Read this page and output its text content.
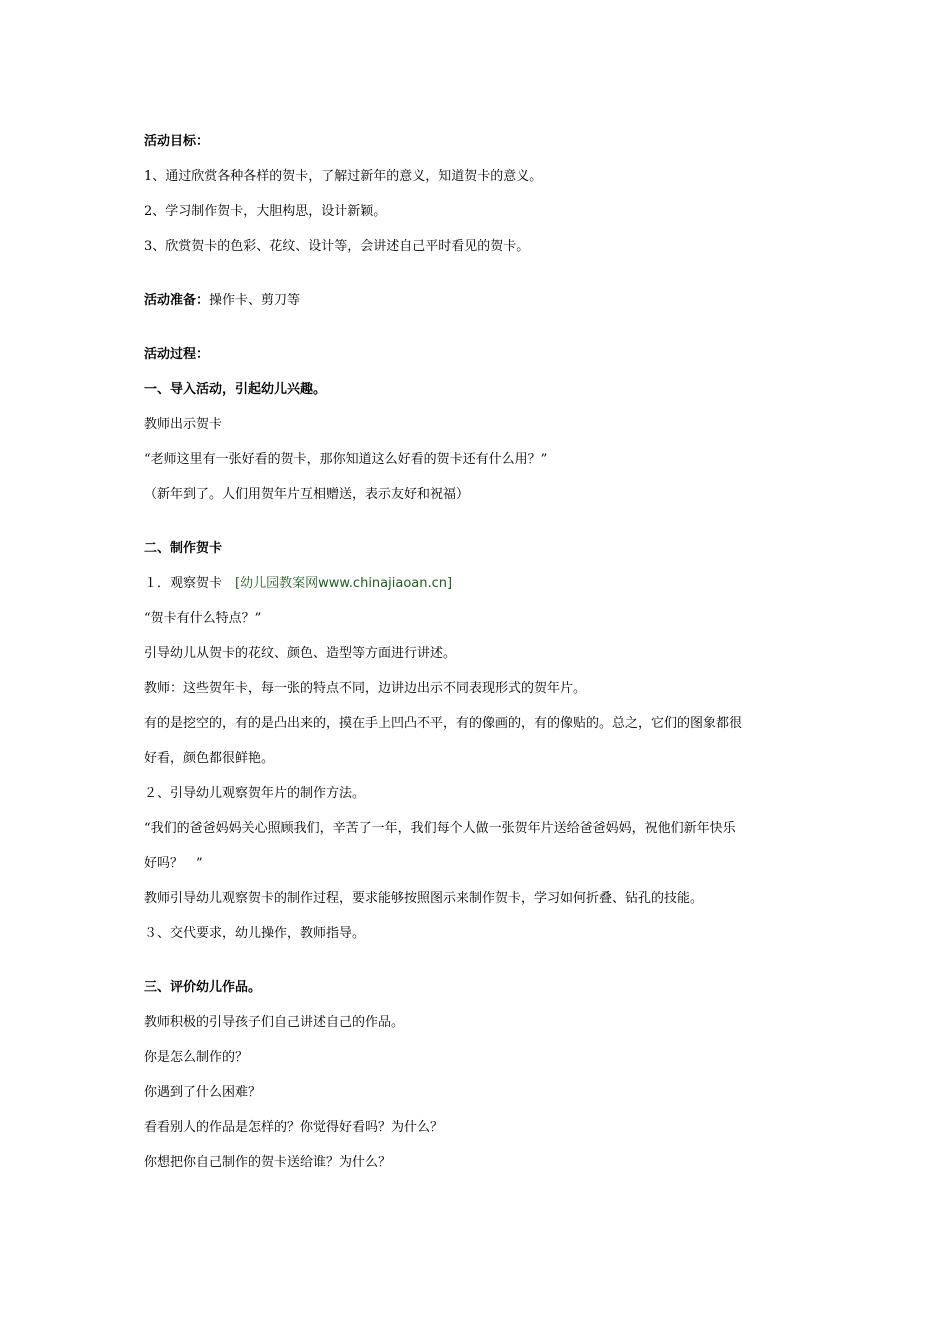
活动目标：
1、通过欣赏各种各样的贺卡，了解过新年的意义，知道贺卡的意义。
2、学习制作贺卡，大胆构思，设计新颖。
3、欣赏贺卡的色彩、花纹、设计等，会讲述自己平时看见的贺卡。
活动准备：操作卡、剪刀等
活动过程：
一、导入活动，引起幼儿兴趣。
教师出示贺卡
“老师这里有一张好看的贺卡，那你知道这么好看的贺卡还有什么用？”
（新年到了。人们用贺年片互相赠送，表示友好和祝福）
二、制作贺卡
１．观察贺卡　[幼儿园教案网www.chinajiaoan.cn]
“贺卡有什么特点？”
引导幼儿从贺卡的花纹、颜色、造型等方面进行讲述。
教师：这些贺年卡，每一张的特点不同，边讲边出示不同表现形式的贺年片。
有的是挖空的，有的是凸出来的，摸在手上凹凸不平，有的像画的，有的像贴的。总之，它们的图象都很
好看，颜色都很鲜艳。
２、引导幼儿观察贺年片的制作方法。
“我们的爸爸妈妈关心照顾我们，辛苦了一年，我们每个人做一张贺年片送给爸爸妈妈，祝他们新年快乐
好吗？　”
教师引导幼儿观察贺卡的制作过程，要求能够按照图示来制作贺卡，学习如何折叠、钻孔的技能。
３、交代要求，幼儿操作，教师指导。
三、评价幼儿作品。
教师积极的引导孩子们自己讲述自己的作品。
你是怎么制作的？
你遇到了什么困难？
看看别人的作品是怎样的？你觉得好看吗？为什么？
你想把你自己制作的贺卡送给谁？为什么？
